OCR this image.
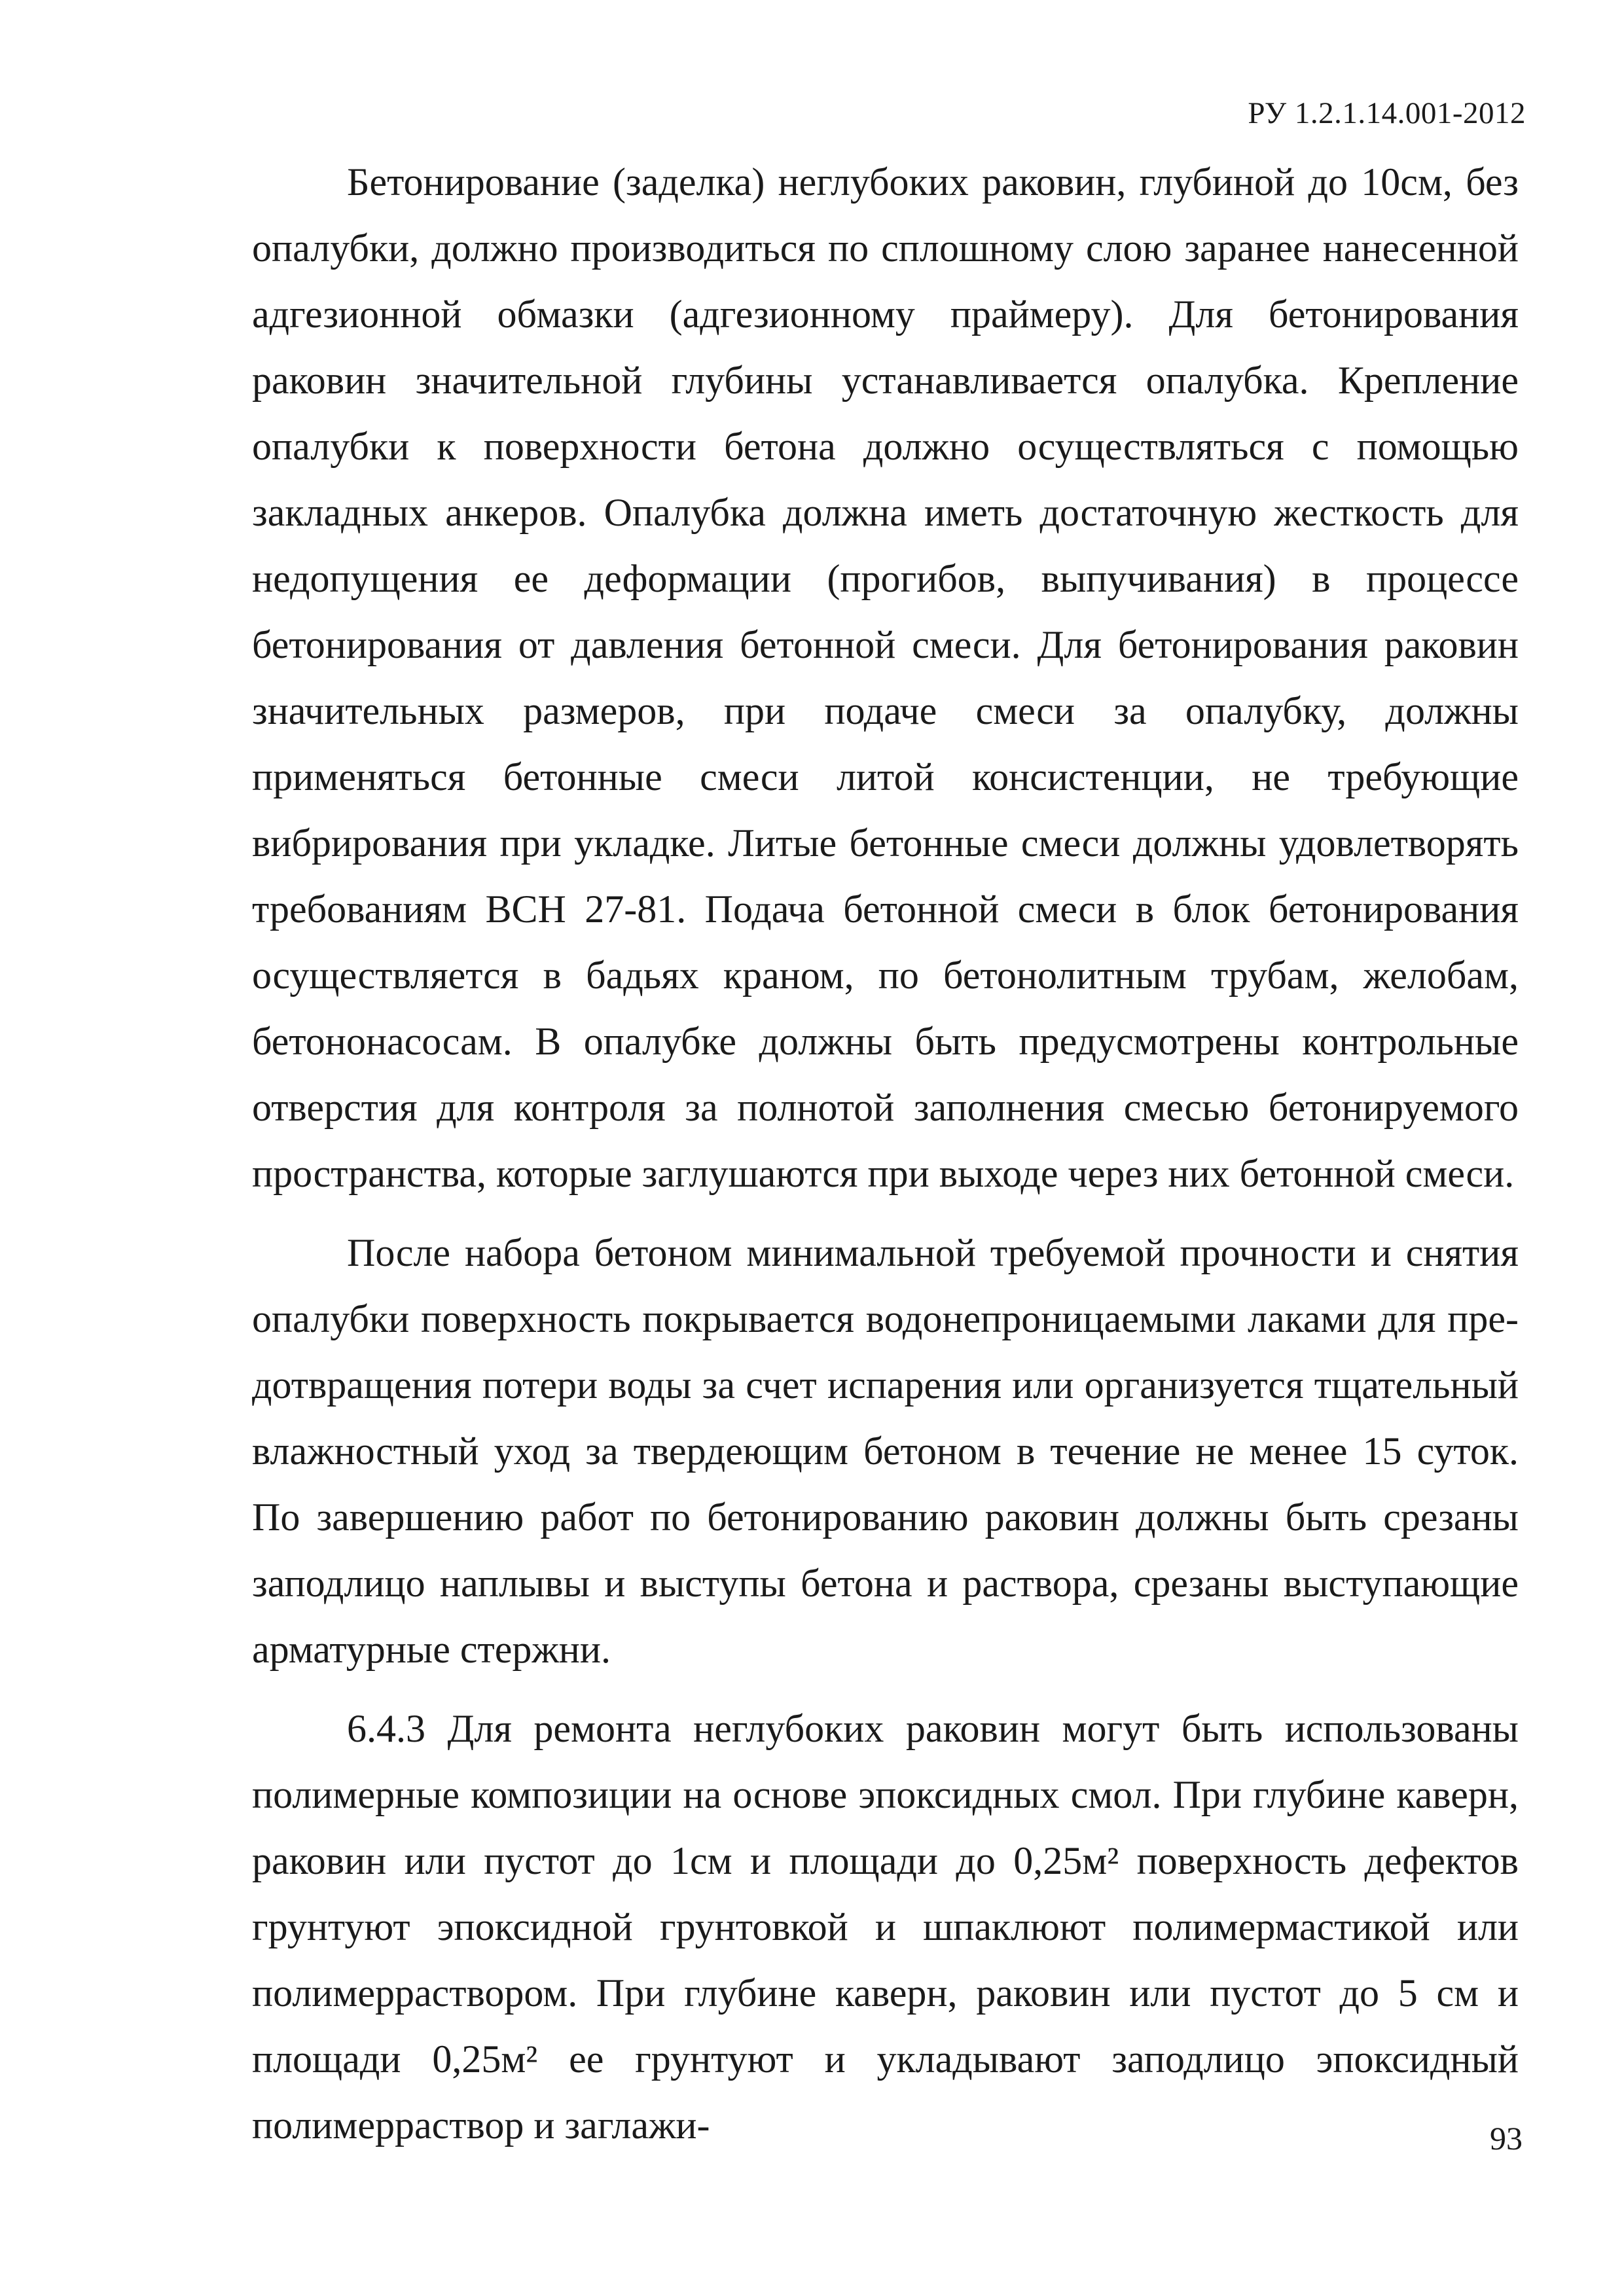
РУ 1.2.1.14.001-2012

Бетонирование (заделка) неглубоких раковин, глубиной до 10см, без опалубки, должно производиться по сплошному слою заранее нанесенной адгезионной обмазки (адгезионному праймеру). Для бетонирования раковин значительной глубины устанавливается опалубка. Крепление опалубки к поверхности бетона должно осуществляться с помощью закладных анкеров. Опалубка должна иметь достаточную жесткость для недопущения ее деформации (прогибов, выпучивания) в процессе бетонирования от давления бетонной смеси. Для бетонирования раковин значительных размеров, при подаче смеси за опалубку, должны применяться бетонные смеси литой консистенции, не требующие вибрирования при укладке. Литые бетонные смеси должны удовлетворять требованиям ВСН 27-81. Подача бетонной смеси в блок бетонирования осуществляется в бадьях краном, по бетонолитным трубам, желобам, бетононасосам. В опалубке должны быть предусмотрены контрольные отверстия для контроля за полнотой заполнения смесью бетонируемого пространства, которые заглушаются при выходе через них бетонной смеси.

После набора бетоном минимальной требуемой прочности и снятия опалубки поверхность покрывается водонепроницаемыми лаками для предотвращения потери воды за счет испарения или организуется тщательный влажностный уход за твердеющим бетоном в течение не менее 15 суток. По завершению работ по бетонированию раковин должны быть срезаны заподлицо наплывы и выступы бетона и раствора, срезаны выступающие арматурные стержни.

6.4.3 Для ремонта неглубоких раковин могут быть использованы полимерные композиции на основе эпоксидных смол. При глубине каверн, раковин или пустот до 1см и площади до 0,25м² поверхность дефектов грунтуют эпоксидной грунтовкой и шпаклюют полимермастикой или полимерраствором. При глубине каверн, раковин или пустот до 5 см и площади 0,25м² ее грунтуют и укладывают заподлицо эпоксидный полимерраствор и заглажи-	93
